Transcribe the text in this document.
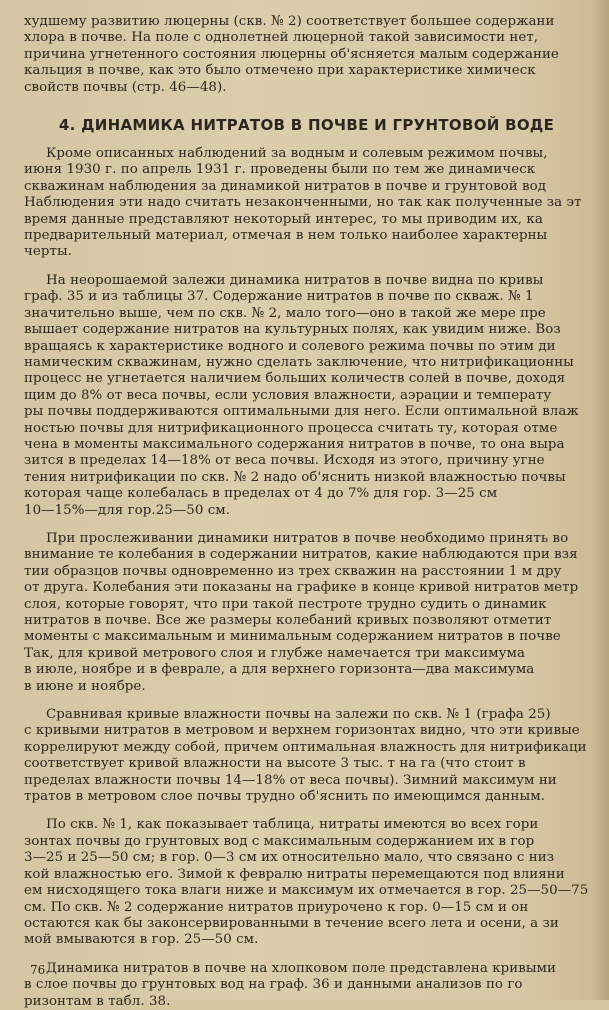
худшему развитию люцерны (скв. № 2) соответствует большее содержани
хлора в почве. На поле с однолетней люцерной такой зависимости нет,
причина угнетенного состояния люцерны об'ясняется малым содержание
кальция в почве, как это было отмечено при характеристике химическ
свойств почвы (стр. 46—48).

4. ДИНАМИКА НИТРАТОВ В ПОЧВЕ И ГРУНТОВОЙ ВОДЕ

Кроме описанных наблюдений за водным и солевым режимом почвы,
июня 1930 г. по апрель 1931 г. проведены были по тем же динамическ
скважинам наблюдения за динамикой нитратов в почве и грунтовой вод
Наблюдения эти надо считать незаконченными, но так как полученные за эт
время данные представляют некоторый интерес, то мы приводим их, ка
предварительный материал, отмечая в нем только наиболее характерны
черты.

На неорошаемой залежи динамика нитратов в почве видна по кривы
граф. 35 и из таблицы 37. Содержание нитратов в почве по скваж. № 1
значительно выше, чем по скв. № 2, мало того—оно в такой же мере пре
вышает содержание нитратов на культурных полях, как увидим ниже. Воз
вращаясь к характеристике водного и солевого режима почвы по этим ди
намическим скважинам, нужно сделать заключение, что нитрификационны
процесс не угнетается наличием больших количеств солей в почве, доходя
щим до 8% от веса почвы, если условия влажности, аэрации и температу
ры почвы поддерживаются оптимальными для него. Если оптимальной влаж
ностью почвы для нитрификационного процесса считать ту, которая отме
чена в моменты максимального содержания нитратов в почве, то она выра
зится в пределах 14—18% от веса почвы. Исходя из этого, причину угне
тения нитрификации по скв. № 2 надо об'яснить низкой влажностью почвы
которая чаще колебалась в пределах от 4 до 7% для гор. 3—25 см
10—15%—для гор.25—50 см.

При прослеживании динамики нитратов в почве необходимо принять во
внимание те колебания в содержании нитратов, какие наблюдаются при взя
тии образцов почвы одновременно из трех скважин на расстоянии 1 м дру
от друга. Колебания эти показаны на графике в конце кривой нитратов метр
слоя, которые говорят, что при такой пестроте трудно судить о динамик
нитратов в почве. Все же размеры колебаний кривых позволяют отметит
моменты с максимальным и минимальным содержанием нитратов в почве
Так, для кривой метрового слоя и глубже намечается три максимума
в июле, ноябре и в феврале, а для верхнего горизонта—два максимума
в июне и ноябре.

Сравнивая кривые влажности почвы на залежи по скв. № 1 (графа 25)
с кривыми нитратов в метровом и верхнем горизонтах видно, что эти кривые
коррелируют между собой, причем оптимальная влажность для нитрификаци
соответствует кривой влажности на высоте 3 тыс. т на га (что стоит в
пределах влажности почвы 14—18% от веса почвы). Зимний максимум ни
тратов в метровом слое почвы трудно об'яснить по имеющимся данным.

По скв. № 1, как показывает таблица, нитраты имеются во всех гори
зонтах почвы до грунтовых вод с максимальным содержанием их в гор
3—25 и 25—50 см; в гор. 0—3 см их относительно мало, что связано с низ
кой влажностью его. Зимой к февралю нитраты перемещаются под влияни
ем нисходящего тока влаги ниже и максимум их отмечается в гор. 25—50—75
см. По скв. № 2 содержание нитратов приурочено к гор. 0—15 см и он
остаются как бы законсервированными в течение всего лета и осени, а зи
мой вмываются в гор. 25—50 см.

Динамика нитратов в почве на хлопковом поле представлена кривыми
в слое почвы до грунтовых вод на граф. 36 и данными анализов по го
ризонтам в табл. 38.

76
